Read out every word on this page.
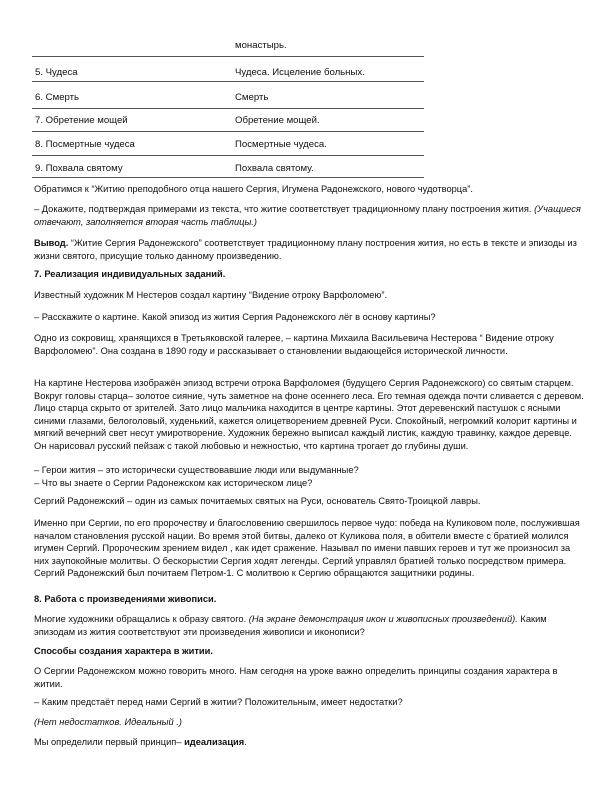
монастырь.
5. Чудеса	Чудеса. Исцеление больных.
6. Смерть	Смерть
7. Обретение мощей	Обретение мощей.
8. Посмертные чудеса	Посмертные чудеса.
9. Похвала святому	Похвала святому.
Обратимся к “Житию преподобного отца нашего Сергия, Игумена Радонежского, нового чудотворца”.
– Докажите, подтверждая примерами из текста, что житие соответствует традиционному плану построения жития. (Учащиеся отвечают, заполняется вторая часть таблицы.)
Вывод. “Житие Сергия Радонежского” соответствует традиционному плану построения жития, но есть в тексте и эпизоды из жизни святого, присущие только данному произведению.
7. Реализация индивидуальных заданий.
Известный художник М Нестеров создал картину “Видение отроку Варфоломею”.
– Расскажите о картине. Какой эпизод из жития Сергия Радонежского лёг в основу картины?
Одно из сокровищ, хранящихся в Третьяковской галерее, – картина Михаила Васильевича Нестерова “ Видение отроку Варфоломею”. Она создана в 1890 году и рассказывает о становлении выдающейся исторической личности.
На картине Нестерова изображён эпизод встречи отрока Варфоломея (будущего Сергия Радонежского) со святым старцем. Вокруг головы старца– золотое сияние, чуть заметное на фоне осеннего леса. Его темная одежда почти сливается с деревом. Лицо старца скрыто от зрителей. Зато лицо мальчика находится в центре картины. Этот деревенский пастушок с ясными синими глазами, белоголовый, худенький, кажется олицетворением древней Руси. Спокойный, негромкий колорит картины и мягкий вечерний свет несут умиротворение. Художник бережно выписал каждый листик, каждую травинку, каждое деревце. Он нарисовал русский пейзаж с такой любовью и нежностью, что картина трогает до глубины души.
– Герои жития – это исторически существовавшие люди или выдуманные?
– Что вы знаете о Сергии Радонежском как историческом лице?
Сергий Радонежский – один из самых почитаемых святых на Руси, основатель Свято-Троицкой лавры.
Именно при Сергии, по его пророчеству и благословению свершилось первое чудо: победа на Куликовом поле, послужившая началом становления русской нации. Во время этой битвы, далеко от Куликова поля, в обители вместе с братией молился игумен Сергий. Пророческим зрением видел , как идет сражение. Называл по имени павших героев и тут же произносил за них заупокойные молитвы. О бескорыстии Сергия ходят легенды. Сергий управлял братией только посредством примера. Сергий Радонежский был почитаем Петром-1. С молитвою к Сергию обращаются защитники родины.
8. Работа с произведениями живописи.
Многие художники обращались к образу святого. (На экране демонстрация икон и живописных произведений). Каким эпизодам из жития соответствуют эти произведения живописи и иконописи?
Способы создания характера в житии.
О Сергии Радонежском можно говорить много. Нам сегодня на уроке важно определить принципы создания характера в житии.
– Каким предстаёт перед нами Сергий в житии? Положительным, имеет недостатки?
(Нет недостатков. Идеальный .)
Мы определили первый принцип– идеализация.
